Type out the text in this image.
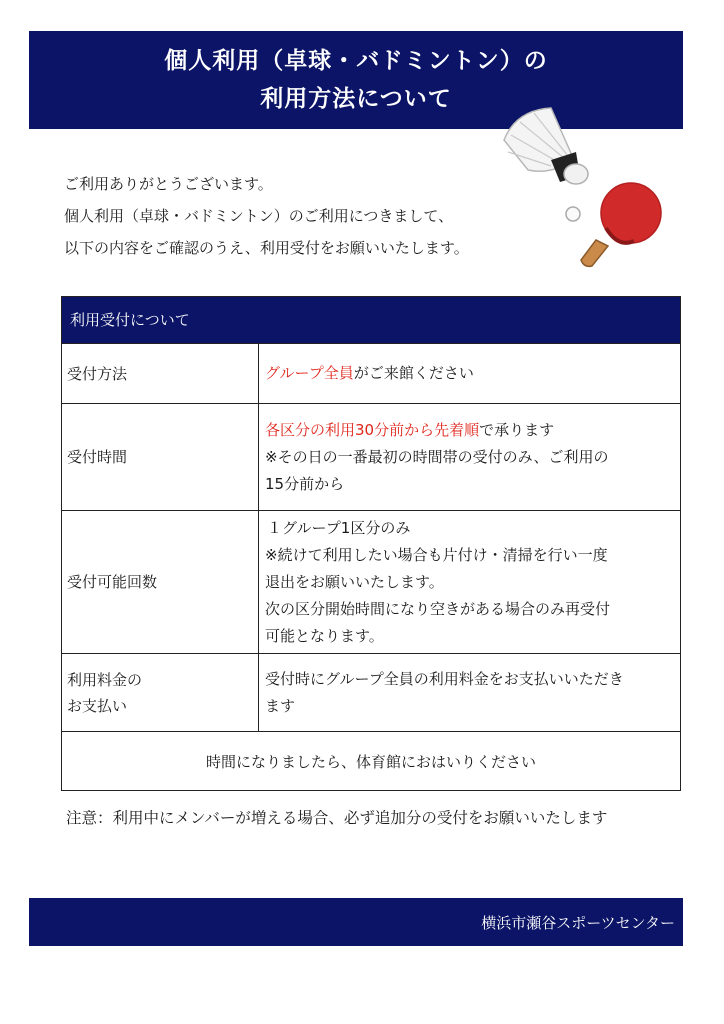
個人利用（卓球・バドミントン）の
利用方法について

ご利用ありがとうございます。

個人利用（卓球・バドミントン）のご利用につきまして、

以下の内容をご確認のうえ、利用受付をお願いいたします。

利用受付について
受付方法	グループ全員がご来館ください
受付時間
各区分の利用30分前から先着順で承ります
※その日の一番最初の時間帯の受付のみ、ご利用の
15分前から
受付可能回数
１グループ1区分のみ
※続けて利用したい場合も片付け・清掃を行い一度
退出をお願いいたします。
次の区分開始時間になり空きがある場合のみ再受付
可能となります。
利用料金の
お支払い
受付時にグループ全員の利用料金をお支払いいただき
ます
時間になりましたら、体育館におはいりください
注意：利用中にメンバーが増える場合、必ず追加分の受付をお願いいたします
横浜市瀬谷スポーツセンター
